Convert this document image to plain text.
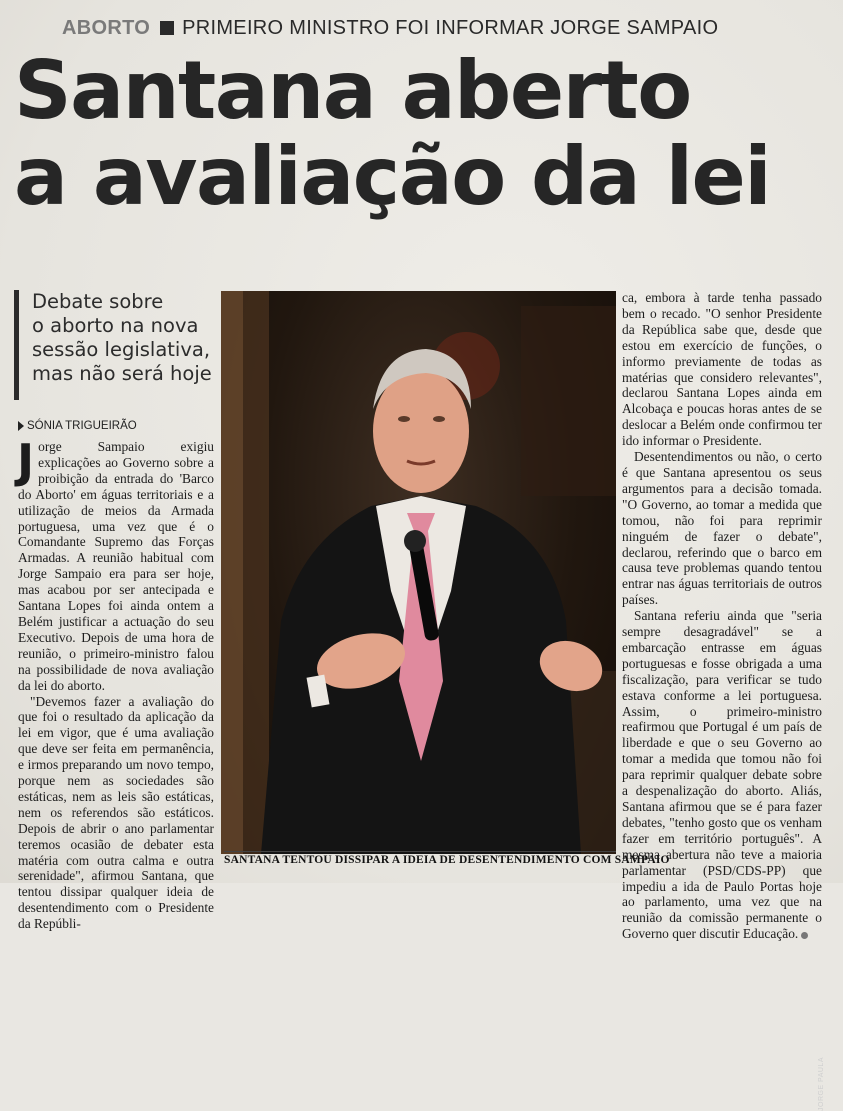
ABORTO PRIMEIRO MINISTRO FOI INFORMAR JORGE SAMPAIO
Santana aberto
a avaliação da lei
Debate sobre
o aborto na nova
sessão legislativa,
mas não será hoje
SÓNIA TRIGUEIRÃO

Jorge Sampaio exigiu explicações ao Governo sobre a proibição da entrada do 'Barco do Aborto' em águas territoriais e a utilização de meios da Armada portuguesa, uma vez que é o Comandante Supremo das Forças Armadas. A reunião habitual com Jorge Sampaio era para ser hoje, mas acabou por ser antecipada e Santana Lopes foi ainda ontem a Belém justificar a actuação do seu Executivo. Depois de uma hora de reunião, o primeiro-ministro falou na possibilidade de nova avaliação da lei do aborto.

"Devemos fazer a avaliação do que foi o resultado da aplicação da lei em vigor, que é uma avaliação que deve ser feita em permanência, e irmos preparando um novo tempo, porque nem as sociedades são estáticas, nem as leis são estáticas, nem os referendos são estáticos. Depois de abrir o ano parlamentar teremos ocasião de debater esta matéria com outra calma e outra serenidade", afirmou Santana, que tentou dissipar qualquer ideia de desentendimento com o Presidente da Repúbli-

JORGE PAULA
SANTANA TENTOU DISSIPAR A IDEIA DE DESENTENDIMENTO COM SAMPAIO

ca, embora à tarde tenha passado bem o recado. "O senhor Presidente da República sabe que, desde que estou em exercício de funções, o informo previamente de todas as matérias que considero relevantes", declarou Santana Lopes ainda em Alcobaça e poucas horas antes de se deslocar a Belém onde confirmou ter ido informar o Presidente.

Desentendimentos ou não, o certo é que Santana apresentou os seus argumentos para a decisão tomada. "O Governo, ao tomar a medida que tomou, não foi para reprimir ninguém de fazer o debate", declarou, referindo que o barco em causa teve problemas quando tentou entrar nas águas territoriais de outros países.

Santana referiu ainda que "seria sempre desagradável" se a embarcação entrasse em águas portuguesas e fosse obrigada a uma fiscalização, para verificar se tudo estava conforme a lei portuguesa. Assim, o primeiro-ministro reafirmou que Portugal é um país de liberdade e que o seu Governo ao tomar a medida que tomou não foi para reprimir qualquer debate sobre a despenalização do aborto. Aliás, Santana afirmou que se é para fazer debates, "tenho gosto que os venham fazer em território português". A mesma abertura não teve a maioria parlamentar (PSD/CDS-PP) que impediu a ida de Paulo Portas hoje ao parlamento, uma vez que na reunião da comissão permanente o Governo quer discutir Educação.
